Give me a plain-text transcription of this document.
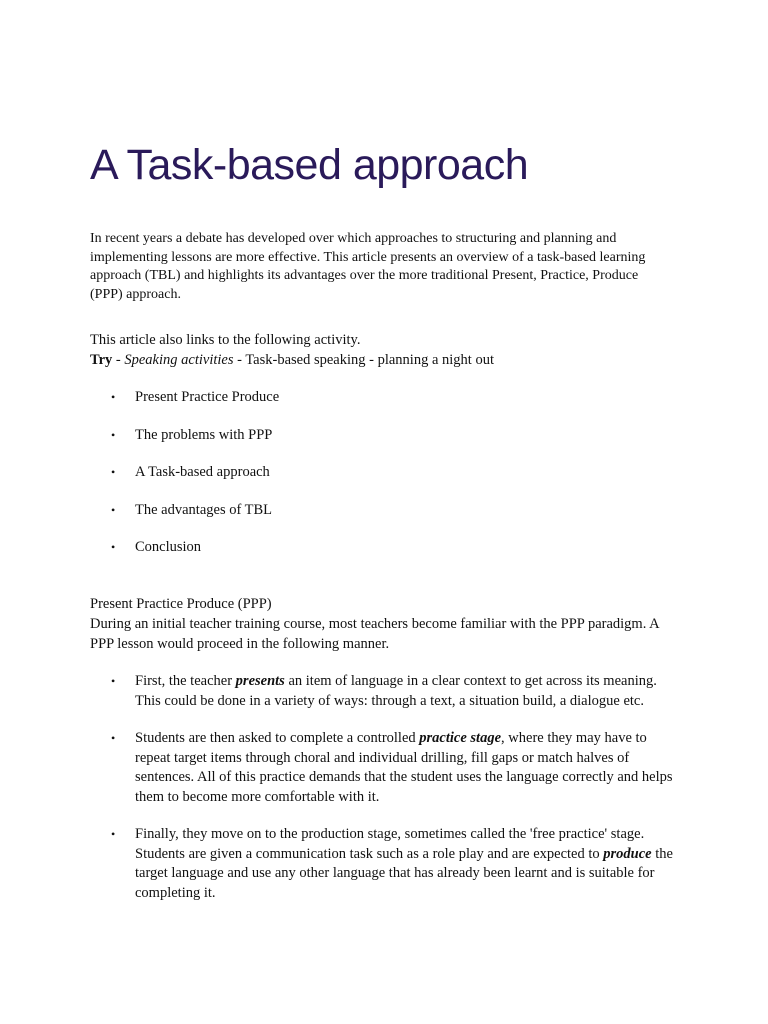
A Task-based approach

In recent years a debate has developed over which approaches to structuring and planning and implementing lessons are more effective. This article presents an overview of a task-based learning approach (TBL) and highlights its advantages over the more traditional Present, Practice, Produce (PPP) approach.

This article also links to the following activity.

Try - Speaking activities - Task-based speaking - planning a night out

• Present Practice Produce
• The problems with PPP
• A Task-based approach
• The advantages of TBL
• Conclusion

Present Practice Produce (PPP)

During an initial teacher training course, most teachers become familiar with the PPP paradigm. A PPP lesson would proceed in the following manner.

• First, the teacher presents an item of language in a clear context to get across its meaning. This could be done in a variety of ways: through a text, a situation build, a dialogue etc.
• Students are then asked to complete a controlled practice stage, where they may have to repeat target items through choral and individual drilling, fill gaps or match halves of sentences. All of this practice demands that the student uses the language correctly and helps them to become more comfortable with it.
• Finally, they move on to the production stage, sometimes called the 'free practice' stage. Students are given a communication task such as a role play and are expected to produce the target language and use any other language that has already been learnt and is suitable for completing it.
